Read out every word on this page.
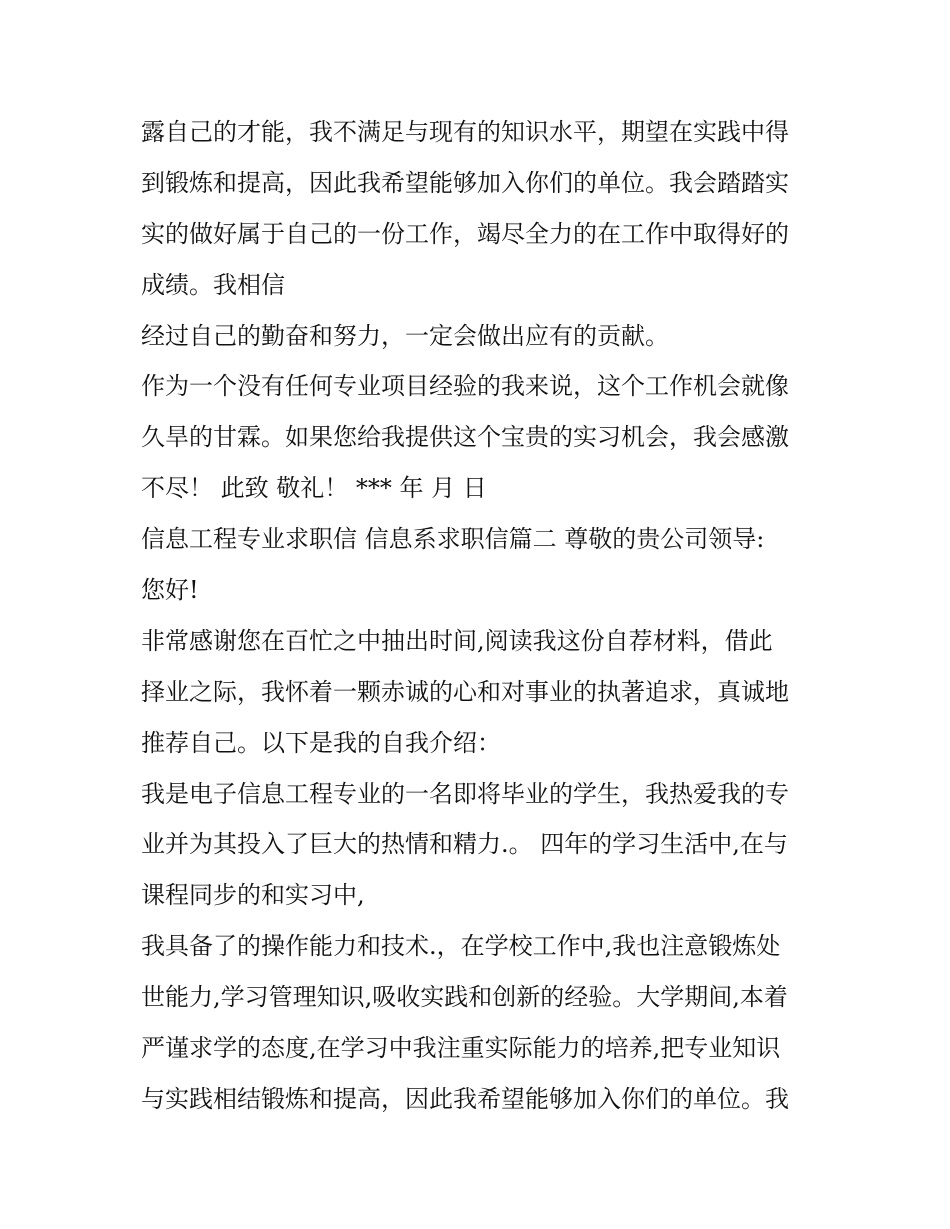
露自己的才能，我不满足与现有的知识水平，期望在实践中得
到锻炼和提高，因此我希望能够加入你们的单位。我会踏踏实
实的做好属于自己的一份工作，竭尽全力的在工作中取得好的
成绩。我相信
经过自己的勤奋和努力，一定会做出应有的贡献。
作为一个没有任何专业项目经验的我来说，这个工作机会就像
久旱的甘霖。如果您给我提供这个宝贵的实习机会，我会感激
不尽！ 此致 敬礼！ *** 年 月 日
信息工程专业求职信 信息系求职信篇二 尊敬的贵公司领导:
您好!
非常感谢您在百忙之中抽出时间,阅读我这份自荐材料，借此
择业之际，我怀着一颗赤诚的心和对事业的执著追求，真诚地
推荐自己。以下是我的自我介绍：
我是电子信息工程专业的一名即将毕业的学生，我热爱我的专
业并为其投入了巨大的热情和精力.。 四年的学习生活中,在与
课程同步的和实习中,
我具备了的操作能力和技术.，在学校工作中,我也注意锻炼处
世能力,学习管理知识,吸收实践和创新的经验。大学期间,本着
严谨求学的态度,在学习中我注重实际能力的培养,把专业知识
与实践相结锻炼和提高，因此我希望能够加入你们的单位。我
